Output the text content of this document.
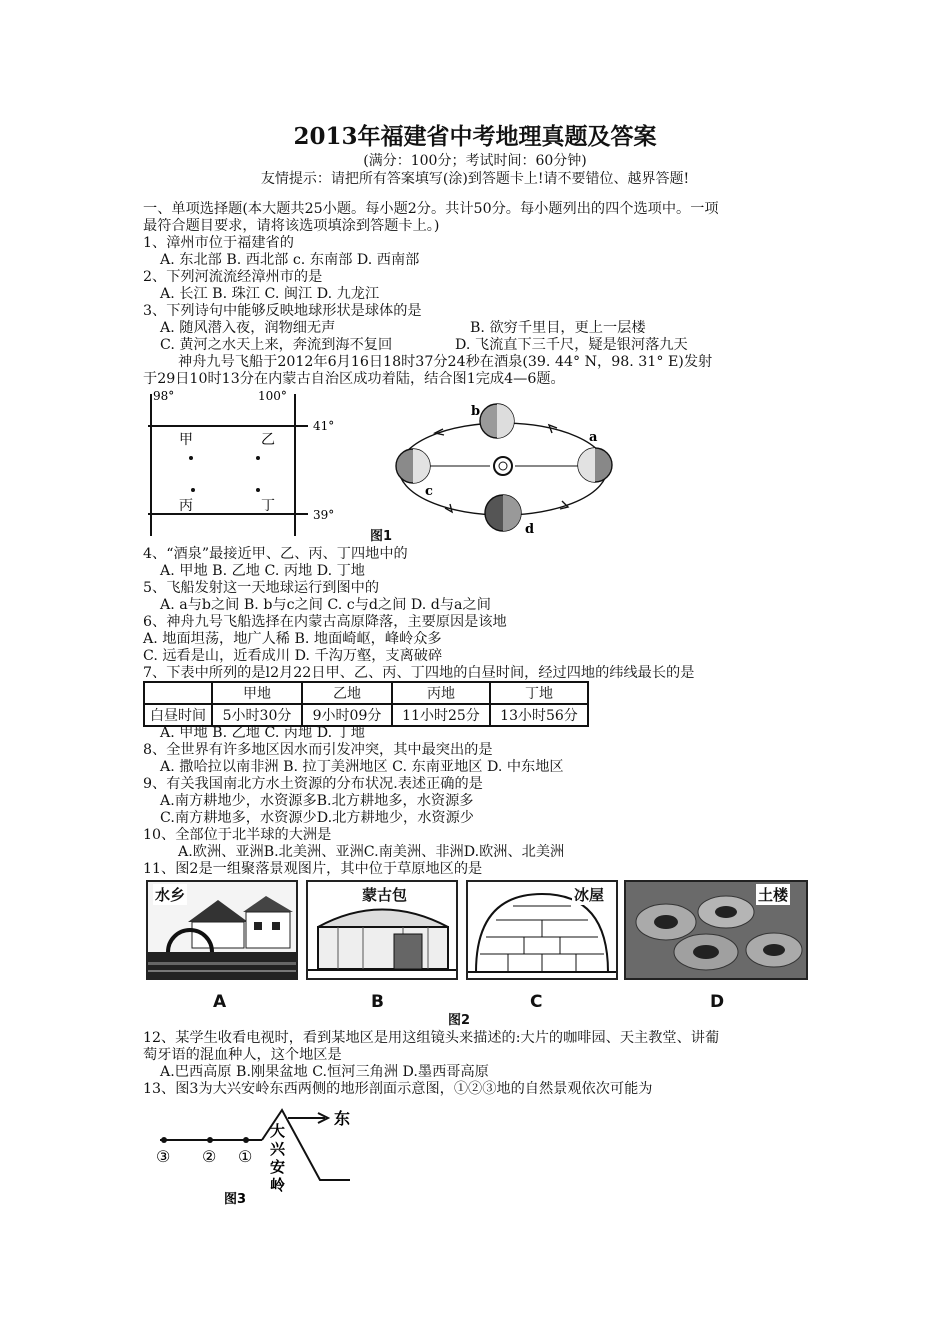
2013年福建省中考地理真题及答案
(满分：100分；考试时间：60分钟)
友情提示：请把所有答案填写(涂)到答题卡上!请不要错位、越界答题!
一、单项选择题(本大题共25小题。每小题2分。共计50分。每小题列出的四个选项中。一项
最符合题目要求，请将该选项填涂到答题卡上。)
1、漳州市位于福建省的
A. 东北部 B. 西北部 c. 东南部 D. 西南部
2、下列河流流经漳州市的是
A. 长江 B. 珠江 C. 闽江 D. 九龙江
3、下列诗句中能够反映地球形状是球体的是
A. 随风潜入夜，润物细无声	B. 欲穷千里目，更上一层楼
C. 黄河之水天上来，奔流到海不复回	D. 飞流直下三千尺，疑是银河落九天
神舟九号飞船于2012年6月16日18时37分24秒在酒泉(39. 44° N，98. 31° E)发射
于29日10时13分在内蒙古自治区成功着陆，结合图1完成4—6题。
98°	100°
41°
39°
甲	乙
丙	丁
b
a
c
d
图1
4、“酒泉”最接近甲、乙、丙、丁四地中的
A. 甲地 B. 乙地 C. 丙地 D. 丁地
5、飞船发射这一天地球运行到图中的
A. a与b之间 B. b与c之间 C. c与d之间 D. d与a之间
6、神舟九号飞船选择在内蒙古高原降落，主要原因是该地
A. 地面坦荡，地广人稀 B. 地面崎岖，峰岭众多
C. 远看是山，近看成川 D. 千沟万壑，支离破碎
7、下表中所列的是l2月22日甲、乙、丙、丁四地的白昼时间，经过四地的纬线最长的是
	甲地	乙地	丙地	丁地
白昼时间	5小时30分	9小时09分	11小时25分	13小时56分
A. 甲地 B. 乙地 C. 丙地 D. 丁地
8、全世界有许多地区因水而引发冲突，其中最突出的是
A. 撒哈拉以南非洲 B. 拉丁美洲地区 C. 东南亚地区 D. 中东地区
9、有关我国南北方水土资源的分布状况.表述正确的是
A.南方耕地少，水资源多B.北方耕地多，水资源多
C.南方耕地多，水资源少D.北方耕地少，水资源少
10、全部位于北半球的大洲是
A.欧洲、亚洲B.北美洲、亚洲C.南美洲、非洲D.欧洲、北美洲
11、图2是一组聚落景观图片，其中位于草原地区的是
水乡	蒙古包	冰屋	土楼
A	B	C	D
图2
12、某学生收看电视时，看到某地区是用这组镜头来描述的:大片的咖啡园、天主教堂、讲葡
萄牙语的混血种人，这个地区是
A.巴西高原 B.刚果盆地 C.恒河三角洲 D.墨西哥高原
13、图3为大兴安岭东西两侧的地形剖面示意图，①②③地的自然景观依次可能为
东
大
兴
安
岭
③ ② ①
图3
